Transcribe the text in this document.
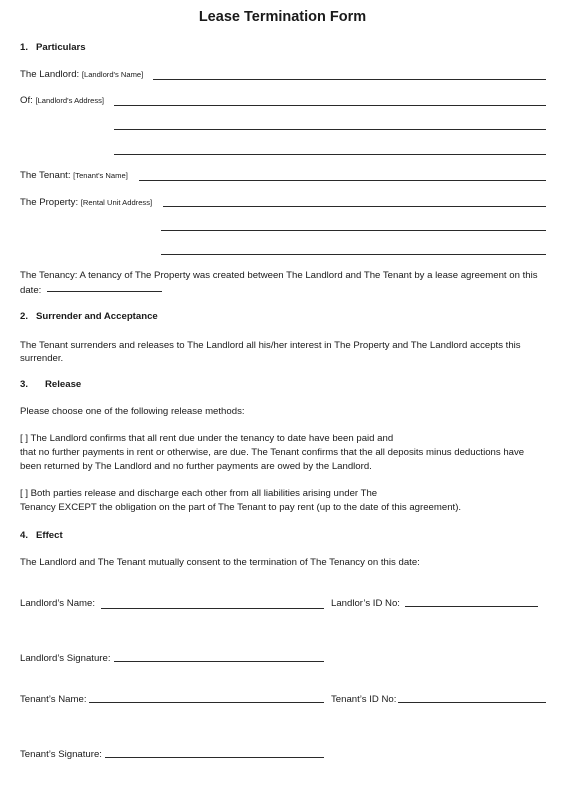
Lease Termination Form
1. Particulars
The Landlord: [Landlord's Name]
Of: [Landlord's Address]
The Tenant: [Tenant's Name]
The Property: [Rental Unit Address]
The Tenancy: A tenancy of The Property was created between The Landlord and The Tenant by a lease agreement on this
date:
2. Surrender and Acceptance
The Tenant surrenders and releases to The Landlord all his/her interest in The Property and The Landlord accepts this surrender.
3. Release
Please choose one of the following release methods:
[ ] The Landlord confirms that all rent due under the tenancy to date have been paid and
that no further payments in rent or otherwise, are due. The Tenant confirms that the all deposits minus deductions have
been returned by The Landlord and no further payments are owed by the Landlord.
[ ] Both parties release and discharge each other from all liabilities arising under The
Tenancy EXCEPT the obligation on the part of The Tenant to pay rent (up to the date of this agreement).
4. Effect
The Landlord and The Tenant mutually consent to the termination of The Tenancy on this date:
Landlord’s Name:	Landlor’s ID No:
Landlord’s Signature:
Tenant’s Name:	Tenant’s ID No:
Tenant’s Signature:
